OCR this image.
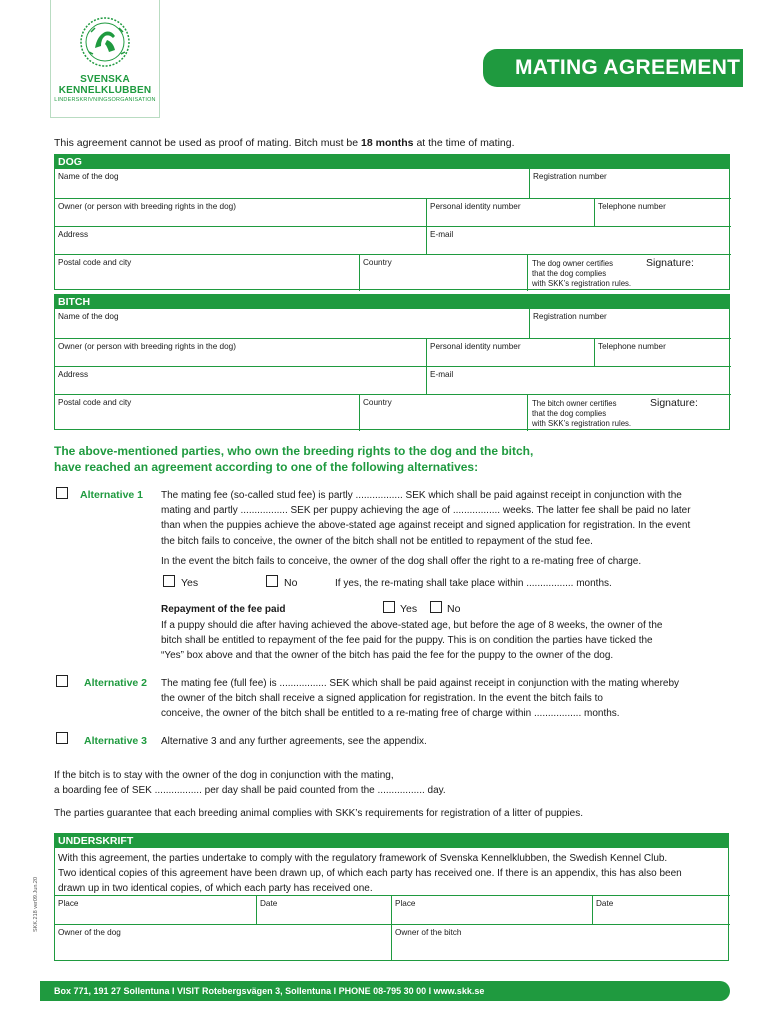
SVENSKA
KENNELKLUBBEN
LINDERSKRIVNINGSORGANISATION
MATING AGREEMENT
This agreement cannot be used as proof of mating. Bitch must be 18 months at the time of mating.
DOG
Name of the dog	Registration number
Owner (or person with breeding rights in the dog)	Personal identity number	Telephone number
Address	E-mail
Postal code and city	Country	The dog owner certifies
that the dog complies
with SKK’s registration rules.
Signature:
BITCH
Name of the dog	Registration number
Owner (or person with breeding rights in the dog)	Personal identity number	Telephone number
Address	E-mail
Postal code and city	Country	The bitch owner certifies
that the dog complies
with SKK’s registration rules.
Signature:
The above-mentioned parties, who own the breeding rights to the dog and the bitch,
have reached an agreement according to one of the following alternatives:
Alternative 1 The mating fee (so-called stud fee) is partly ................. SEK which shall be paid against receipt in conjunction with the
mating and partly ................. SEK per puppy achieving the age of ................. weeks. The latter fee shall be paid no later
than when the puppies achieve the above-stated age against receipt and signed application for registration. In the event
the bitch fails to conceive, the owner of the bitch shall not be entitled to repayment of the stud fee.
In the event the bitch fails to conceive, the owner of the dog shall offer the right to a re-mating free of charge.
Yes	No	If yes, the re-mating shall take place within ................. months.
Repayment of the fee paid	Yes	No
If a puppy should die after having achieved the above-stated age, but before the age of 8 weeks, the owner of the
bitch shall be entitled to repayment of the fee paid for the puppy. This is on condition the parties have ticked the
“Yes” box above and that the owner of the bitch has paid the fee for the puppy to the owner of the dog.
Alternative 2 The mating fee (full fee) is ................. SEK which shall be paid against receipt in conjunction with the mating whereby
the owner of the bitch shall receive a signed application for registration. In the event the bitch fails to
conceive, the owner of the bitch shall be entitled to a re-mating free of charge within ................. months.
Alternative 3 Alternative 3 and any further agreements, see the appendix.
If the bitch is to stay with the owner of the dog in conjunction with the mating,
a boarding fee of SEK ................. per day shall be paid counted from the ................. day.
The parties guarantee that each breeding animal complies with SKK’s requirements for registration of a litter of puppies.
UNDERSKRIFT
With this agreement, the parties undertake to comply with the regulatory framework of Svenska Kennelklubben, the Swedish Kennel Club.
Two identical copies of this agreement have been drawn up, of which each party has received one. If there is an appendix, this has also been
drawn up in two identical copies, of which each party has received one.
Place	Date	Place	Date
Owner of the dog	Owner of the bitch
SKK.218 ver09.Jun.20
Box 771, 191 27 Sollentuna I VISIT Rotebergsvägen 3, Sollentuna I PHONE 08-795 30 00 I www.skk.se
